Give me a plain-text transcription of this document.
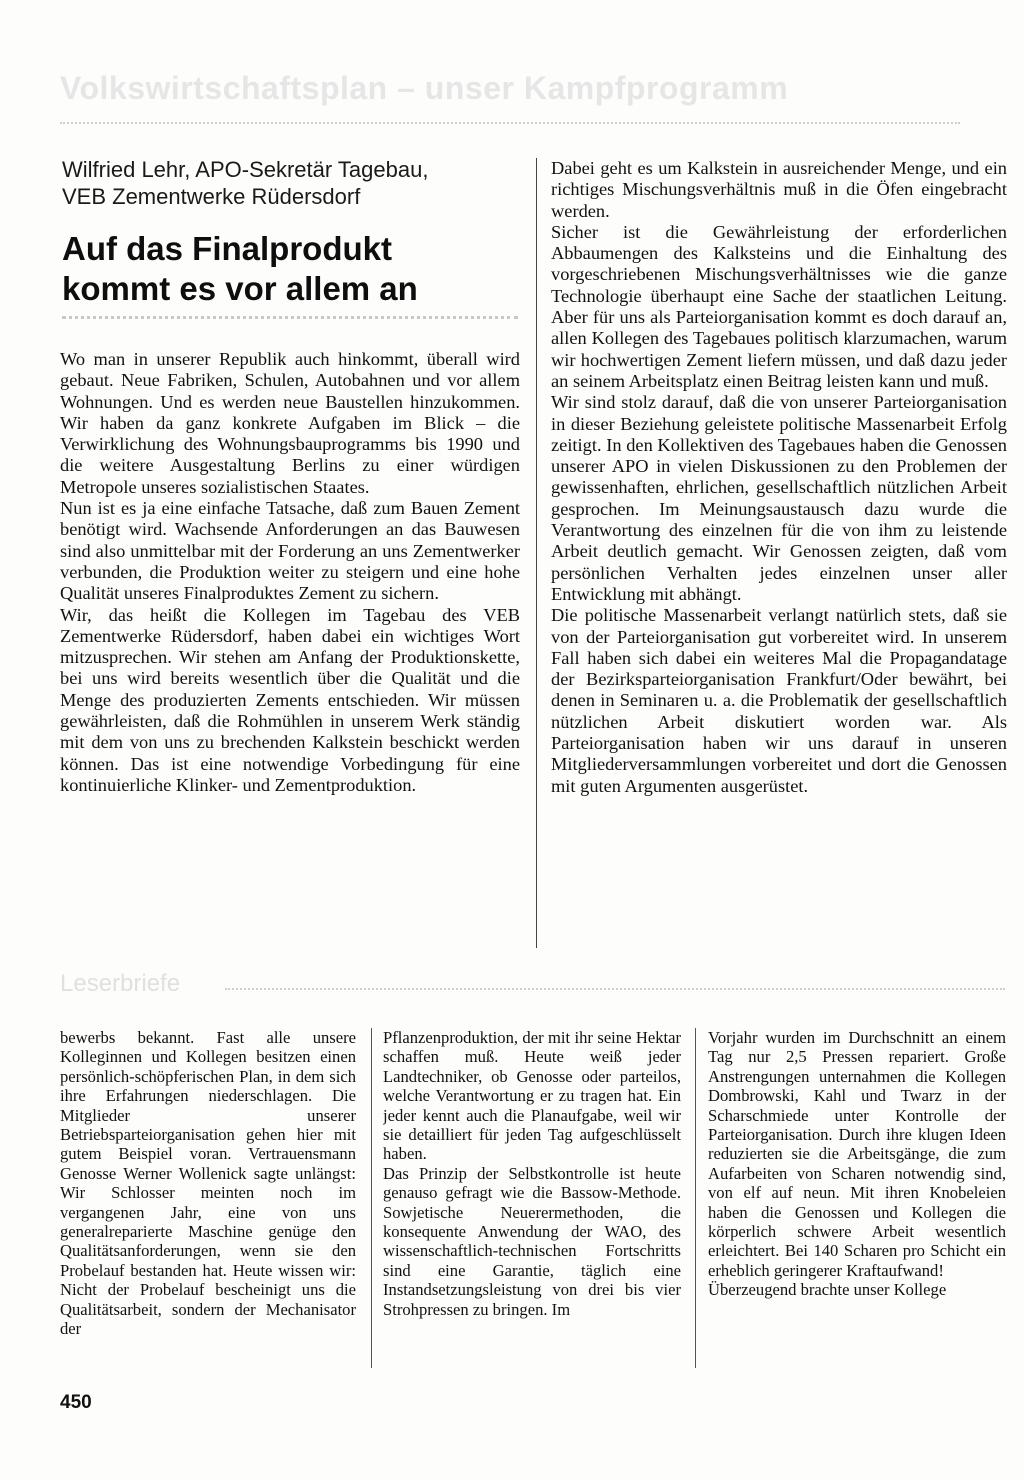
Volkswirtschaftsplan – unser Kampfprogramm
Wilfried Lehr, APO-Sekretär Tagebau,
VEB Zementwerke Rüdersdorf
Auf das Finalprodukt
kommt es vor allem an

Wo man in unserer Republik auch hinkommt, überall wird gebaut. Neue Fabriken, Schulen, Autobahnen und vor allem Wohnungen. Und es werden neue Baustellen hinzukommen. Wir haben da ganz konkrete Aufgaben im Blick – die Verwirklichung des Wohnungsbauprogramms bis 1990 und die weitere Ausgestaltung Berlins zu einer würdigen Metropole unseres sozialistischen Staates.

Nun ist es ja eine einfache Tatsache, daß zum Bauen Zement benötigt wird. Wachsende Anforderungen an das Bauwesen sind also unmittelbar mit der Forderung an uns Zementwerker verbunden, die Produktion weiter zu steigern und eine hohe Qualität unseres Finalproduktes Zement zu sichern.

Wir, das heißt die Kollegen im Tagebau des VEB Zementwerke Rüdersdorf, haben dabei ein wichtiges Wort mitzusprechen. Wir stehen am Anfang der Produktionskette, bei uns wird bereits wesentlich über die Qualität und die Menge des produzierten Zements entschieden. Wir müssen gewährleisten, daß die Rohmühlen in unserem Werk ständig mit dem von uns zu brechenden Kalkstein beschickt werden können. Das ist eine notwendige Vorbedingung für eine kontinuierliche Klinker- und Zementproduktion.

Dabei geht es um Kalkstein in ausreichender Menge, und ein richtiges Mischungsverhältnis muß in die Öfen eingebracht werden.

Sicher ist die Gewährleistung der erforderlichen Abbaumengen des Kalksteins und die Einhaltung des vorgeschriebenen Mischungsverhältnisses wie die ganze Technologie überhaupt eine Sache der staatlichen Leitung. Aber für uns als Parteiorganisation kommt es doch darauf an, allen Kollegen des Tagebaues politisch klarzumachen, warum wir hochwertigen Zement liefern müssen, und daß dazu jeder an seinem Arbeitsplatz einen Beitrag leisten kann und muß.

Wir sind stolz darauf, daß die von unserer Parteiorganisation in dieser Beziehung geleistete politische Massenarbeit Erfolg zeitigt. In den Kollektiven des Tagebaues haben die Genossen unserer APO in vielen Diskussionen zu den Problemen der gewissenhaften, ehrlichen, gesellschaftlich nützlichen Arbeit gesprochen. Im Meinungsaustausch dazu wurde die Verantwortung des einzelnen für die von ihm zu leistende Arbeit deutlich gemacht. Wir Genossen zeigten, daß vom persönlichen Verhalten jedes einzelnen unser aller Entwicklung mit abhängt.

Die politische Massenarbeit verlangt natürlich stets, daß sie von der Parteiorganisation gut vorbereitet wird. In unserem Fall haben sich dabei ein weiteres Mal die Propagandatage der Bezirksparteiorganisation Frankfurt/Oder bewährt, bei denen in Seminaren u. a. die Problematik der gesellschaftlich nützlichen Arbeit diskutiert worden war. Als Parteiorganisation haben wir uns darauf in unseren Mitgliederversammlungen vorbereitet und dort die Genossen mit guten Argumenten ausgerüstet.

Leserbriefe

bewerbs bekannt. Fast alle unsere Kolleginnen und Kollegen besitzen einen persönlich-schöpferischen Plan, in dem sich ihre Erfahrungen niederschlagen. Die Mitglieder unserer Betriebsparteiorganisation gehen hier mit gutem Beispiel voran. Vertrauensmann Genosse Werner Wollenick sagte unlängst: Wir Schlosser meinten noch im vergangenen Jahr, eine von uns generalreparierte Maschine genüge den Qualitätsanforderungen, wenn sie den Probelauf bestanden hat. Heute wissen wir: Nicht der Probelauf bescheinigt uns die Qualitätsarbeit, sondern der Mechanisator der

Pflanzenproduktion, der mit ihr seine Hektar schaffen muß. Heute weiß jeder Landtechniker, ob Genosse oder parteilos, welche Verantwortung er zu tragen hat. Ein jeder kennt auch die Planaufgabe, weil wir sie detailliert für jeden Tag aufgeschlüsselt haben.

Das Prinzip der Selbstkontrolle ist heute genauso gefragt wie die Bassow-Methode. Sowjetische Neuerermethoden, die konsequente Anwendung der WAO, des wissenschaftlich-technischen Fortschritts sind eine Garantie, täglich eine Instandsetzungsleistung von drei bis vier Strohpressen zu bringen. Im

Vorjahr wurden im Durchschnitt an einem Tag nur 2,5 Pressen repariert. Große Anstrengungen unternahmen die Kollegen Dombrowski, Kahl und Twarz in der Scharschmiede unter Kontrolle der Parteiorganisation. Durch ihre klugen Ideen reduzierten sie die Arbeitsgänge, die zum Aufarbeiten von Scharen notwendig sind, von elf auf neun. Mit ihren Knobeleien haben die Genossen und Kollegen die körperlich schwere Arbeit wesentlich erleichtert. Bei 140 Scharen pro Schicht ein erheblich geringerer Kraftaufwand!

Überzeugend brachte unser Kollege

450
